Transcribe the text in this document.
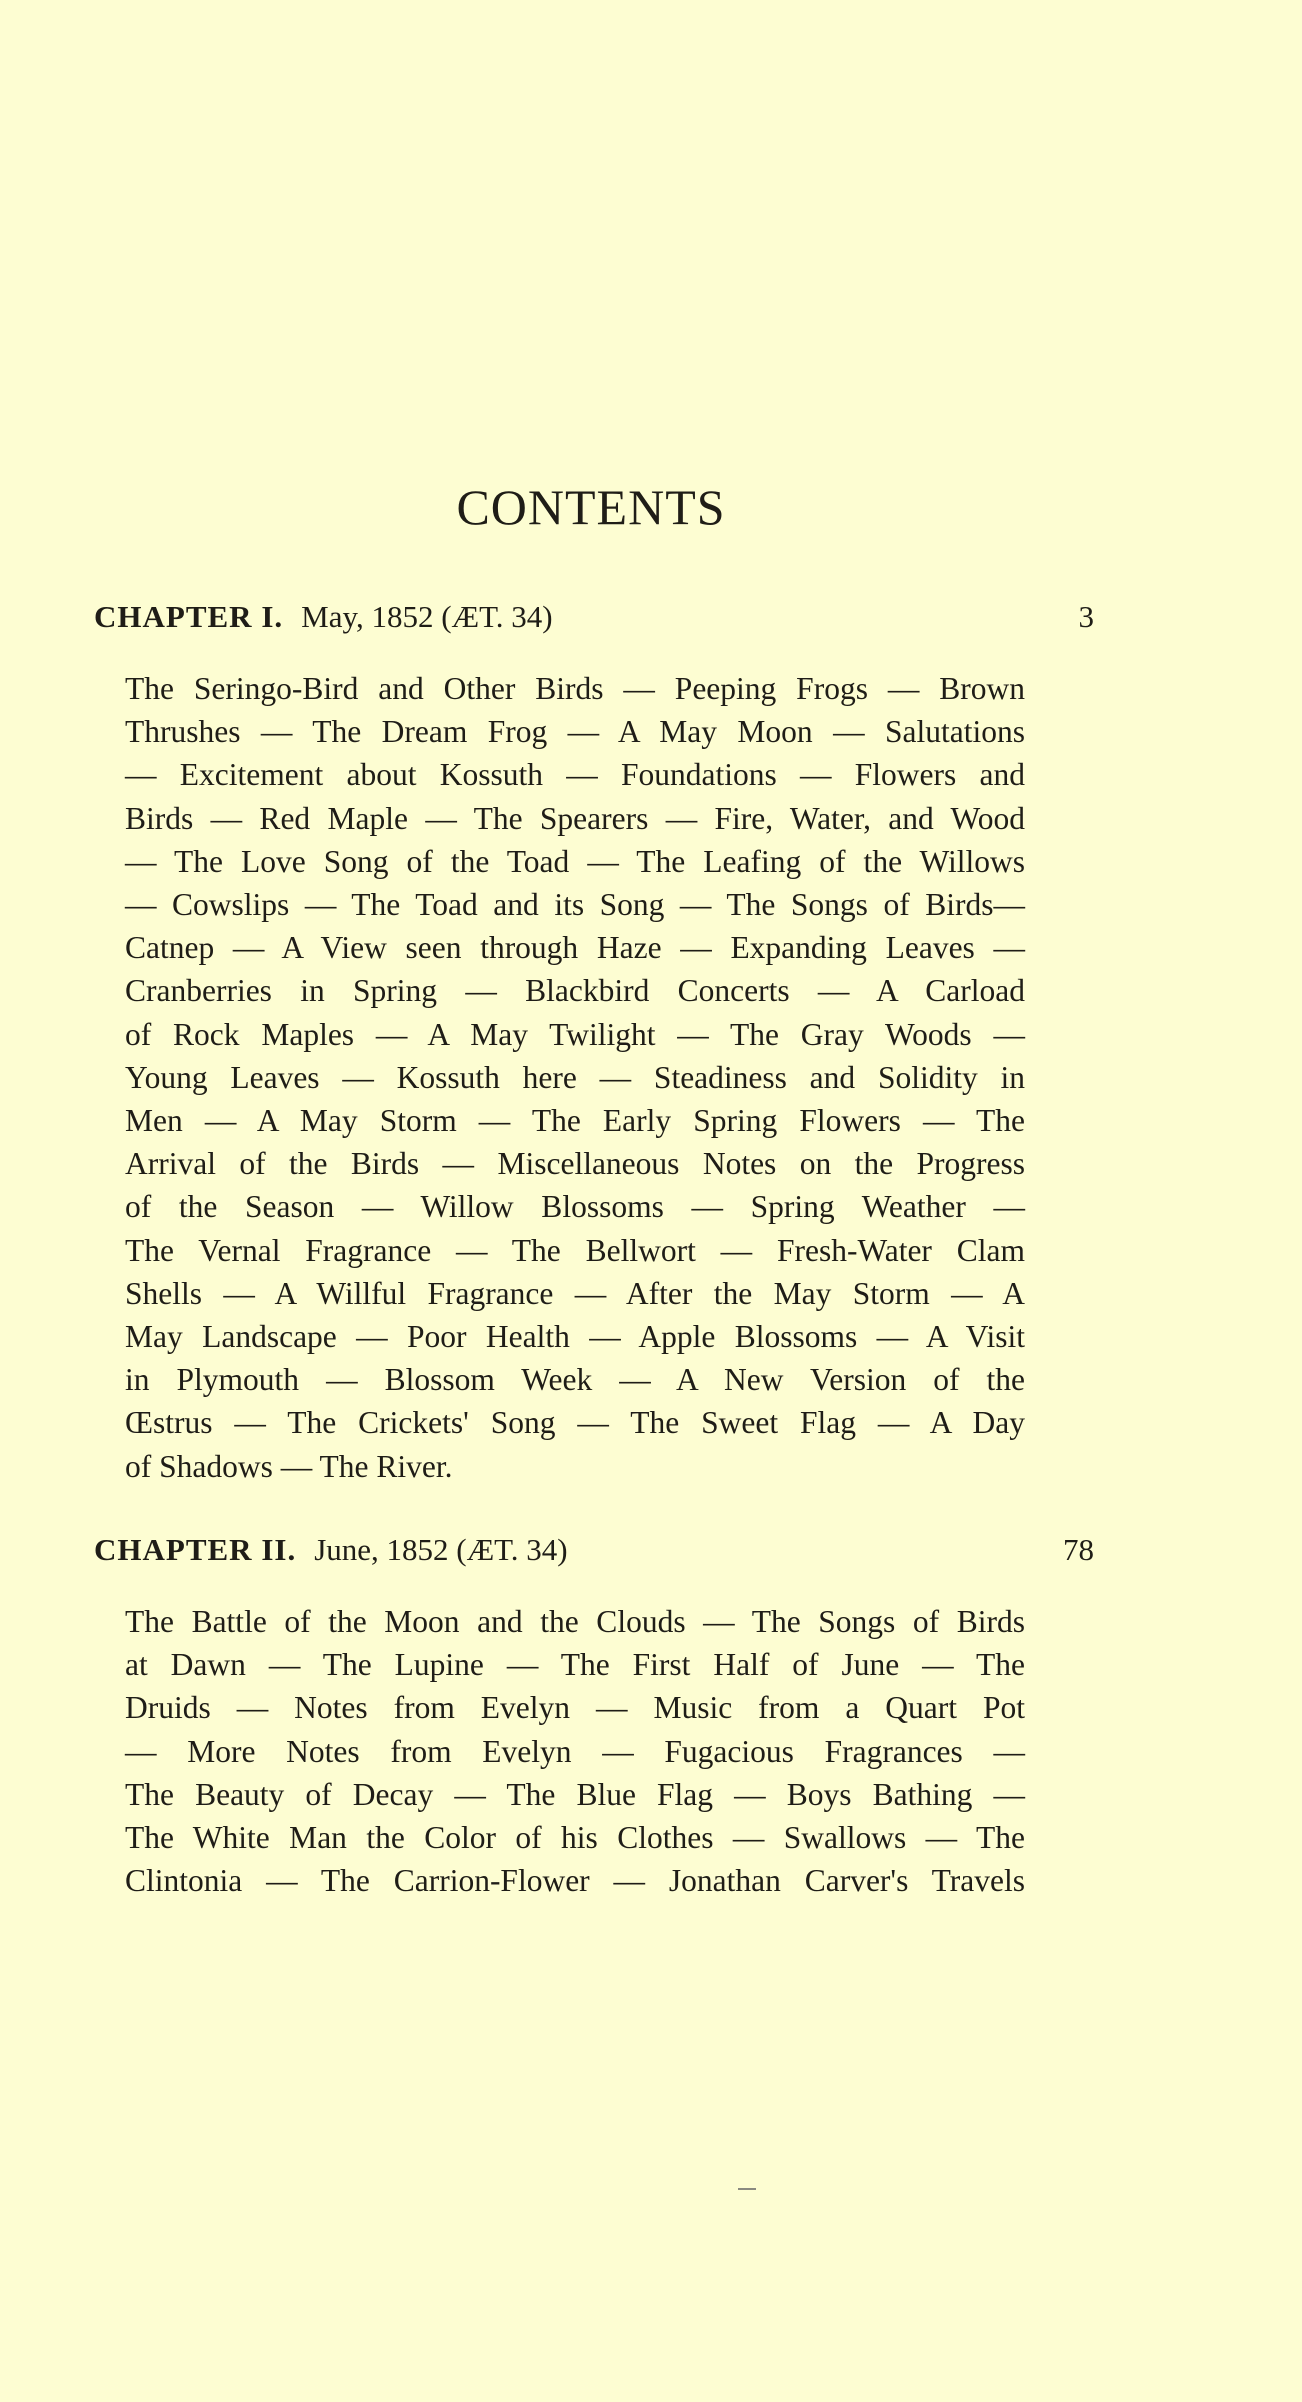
CONTENTS
CHAPTER I. May, 1852 (ÆT. 34)	3
The Seringo-Bird and Other Birds — Peeping Frogs — Brown
Thrushes — The Dream Frog — A May Moon — Salutations
— Excitement about Kossuth — Foundations — Flowers and
Birds — Red Maple — The Spearers — Fire, Water, and Wood
— The Love Song of the Toad — The Leafing of the Willows
— Cowslips — The Toad and its Song — The Songs of Birds—
Catnep — A View seen through Haze — Expanding Leaves —
Cranberries in Spring — Blackbird Concerts — A Carload
of Rock Maples — A May Twilight — The Gray Woods —
Young Leaves — Kossuth here — Steadiness and Solidity in
Men — A May Storm — The Early Spring Flowers — The
Arrival of the Birds — Miscellaneous Notes on the Progress
of the Season — Willow Blossoms — Spring Weather —
The Vernal Fragrance — The Bellwort — Fresh-Water Clam
Shells — A Willful Fragrance — After the May Storm — A
May Landscape — Poor Health — Apple Blossoms — A Visit
in Plymouth — Blossom Week — A New Version of the
Œstrus — The Crickets' Song — The Sweet Flag — A Day
of Shadows — The River.
CHAPTER II. June, 1852 (ÆT. 34)	78
The Battle of the Moon and the Clouds — The Songs of Birds
at Dawn — The Lupine — The First Half of June — The
Druids — Notes from Evelyn — Music from a Quart Pot
— More Notes from Evelyn — Fugacious Fragrances —
The Beauty of Decay — The Blue Flag — Boys Bathing —
The White Man the Color of his Clothes — Swallows — The
Clintonia — The Carrion-Flower — Jonathan Carver's Travels
